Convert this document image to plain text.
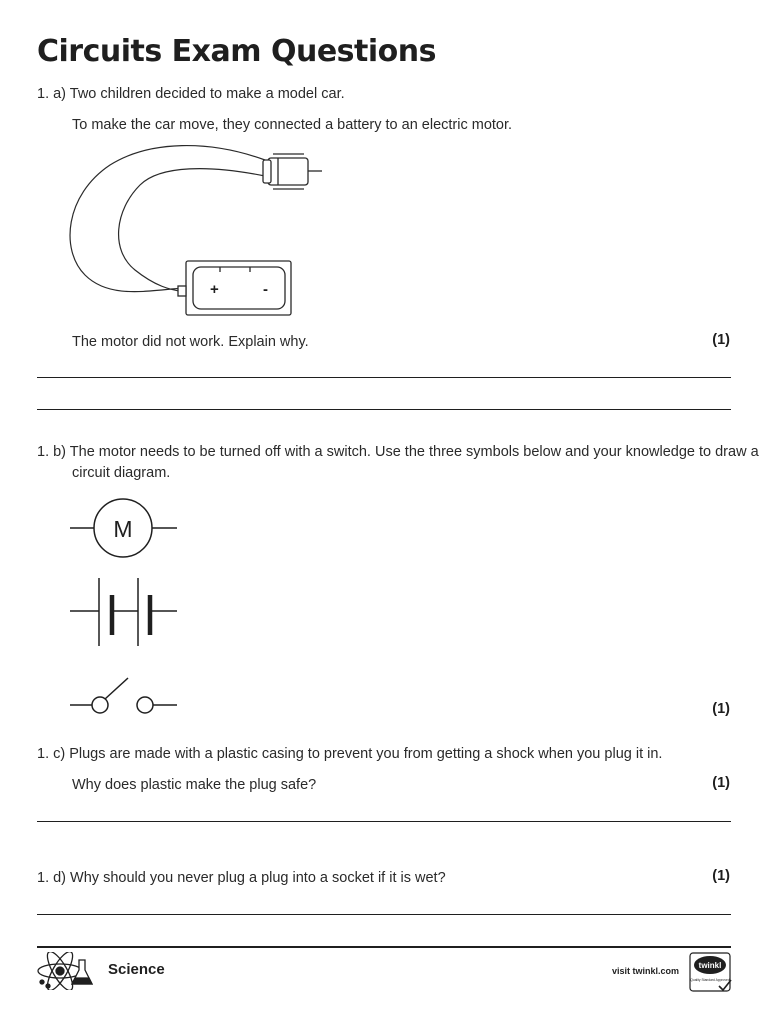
Circuits Exam Questions
1. a) Two children decided to make a model car.
To make the car move, they connected a battery to an electric motor.
+	-
The motor did not work. Explain why.	(1)
1. b) The motor needs to be turned off with a switch. Use the three symbols below and your knowledge to draw a circuit diagram.
M
(1)
1. c) Plugs are made with a plastic casing to prevent you from getting a shock when you plug it in.
Why does plastic make the plug safe?	(1)
1. d) Why should you never plug a plug into a socket if it is wet?	(1)
Science	visit twinkl.com
twinkl
Quality Standard Approved
